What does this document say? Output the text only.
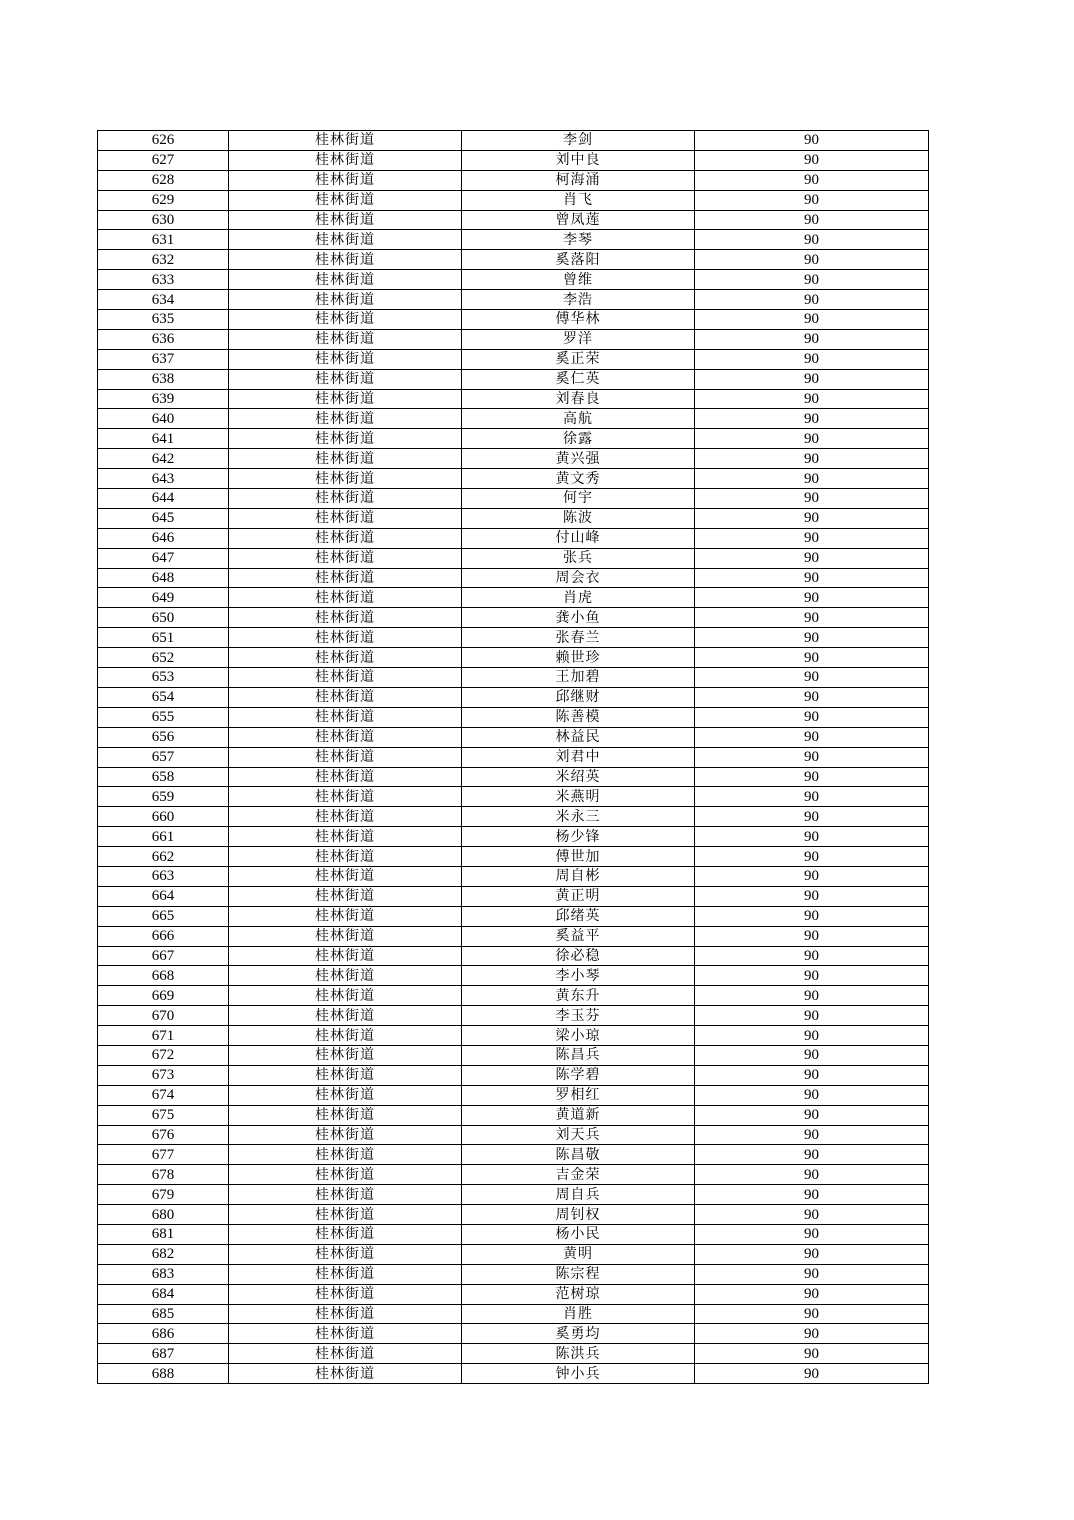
626	桂林街道	李剑	90
627	桂林街道	刘中良	90
628	桂林街道	柯海涌	90
629	桂林街道	肖飞	90
630	桂林街道	曾凤莲	90
631	桂林街道	李琴	90
632	桂林街道	奚落阳	90
633	桂林街道	曾维	90
634	桂林街道	李浩	90
635	桂林街道	傅华林	90
636	桂林街道	罗洋	90
637	桂林街道	奚正荣	90
638	桂林街道	奚仁英	90
639	桂林街道	刘春良	90
640	桂林街道	高航	90
641	桂林街道	徐露	90
642	桂林街道	黄兴强	90
643	桂林街道	黄文秀	90
644	桂林街道	何宇	90
645	桂林街道	陈波	90
646	桂林街道	付山峰	90
647	桂林街道	张兵	90
648	桂林街道	周会衣	90
649	桂林街道	肖虎	90
650	桂林街道	龚小鱼	90
651	桂林街道	张春兰	90
652	桂林街道	赖世珍	90
653	桂林街道	王加碧	90
654	桂林街道	邱继财	90
655	桂林街道	陈善模	90
656	桂林街道	林益民	90
657	桂林街道	刘君中	90
658	桂林街道	米绍英	90
659	桂林街道	米燕明	90
660	桂林街道	米永三	90
661	桂林街道	杨少锋	90
662	桂林街道	傅世加	90
663	桂林街道	周自彬	90
664	桂林街道	黄正明	90
665	桂林街道	邱绪英	90
666	桂林街道	奚益平	90
667	桂林街道	徐必稳	90
668	桂林街道	李小琴	90
669	桂林街道	黄东升	90
670	桂林街道	李玉芬	90
671	桂林街道	梁小琼	90
672	桂林街道	陈昌兵	90
673	桂林街道	陈学碧	90
674	桂林街道	罗相红	90
675	桂林街道	黄道新	90
676	桂林街道	刘天兵	90
677	桂林街道	陈昌敬	90
678	桂林街道	吉金荣	90
679	桂林街道	周自兵	90
680	桂林街道	周钊权	90
681	桂林街道	杨小民	90
682	桂林街道	黄明	90
683	桂林街道	陈宗程	90
684	桂林街道	范树琼	90
685	桂林街道	肖胜	90
686	桂林街道	奚勇均	90
687	桂林街道	陈洪兵	90
688	桂林街道	钟小兵	90
